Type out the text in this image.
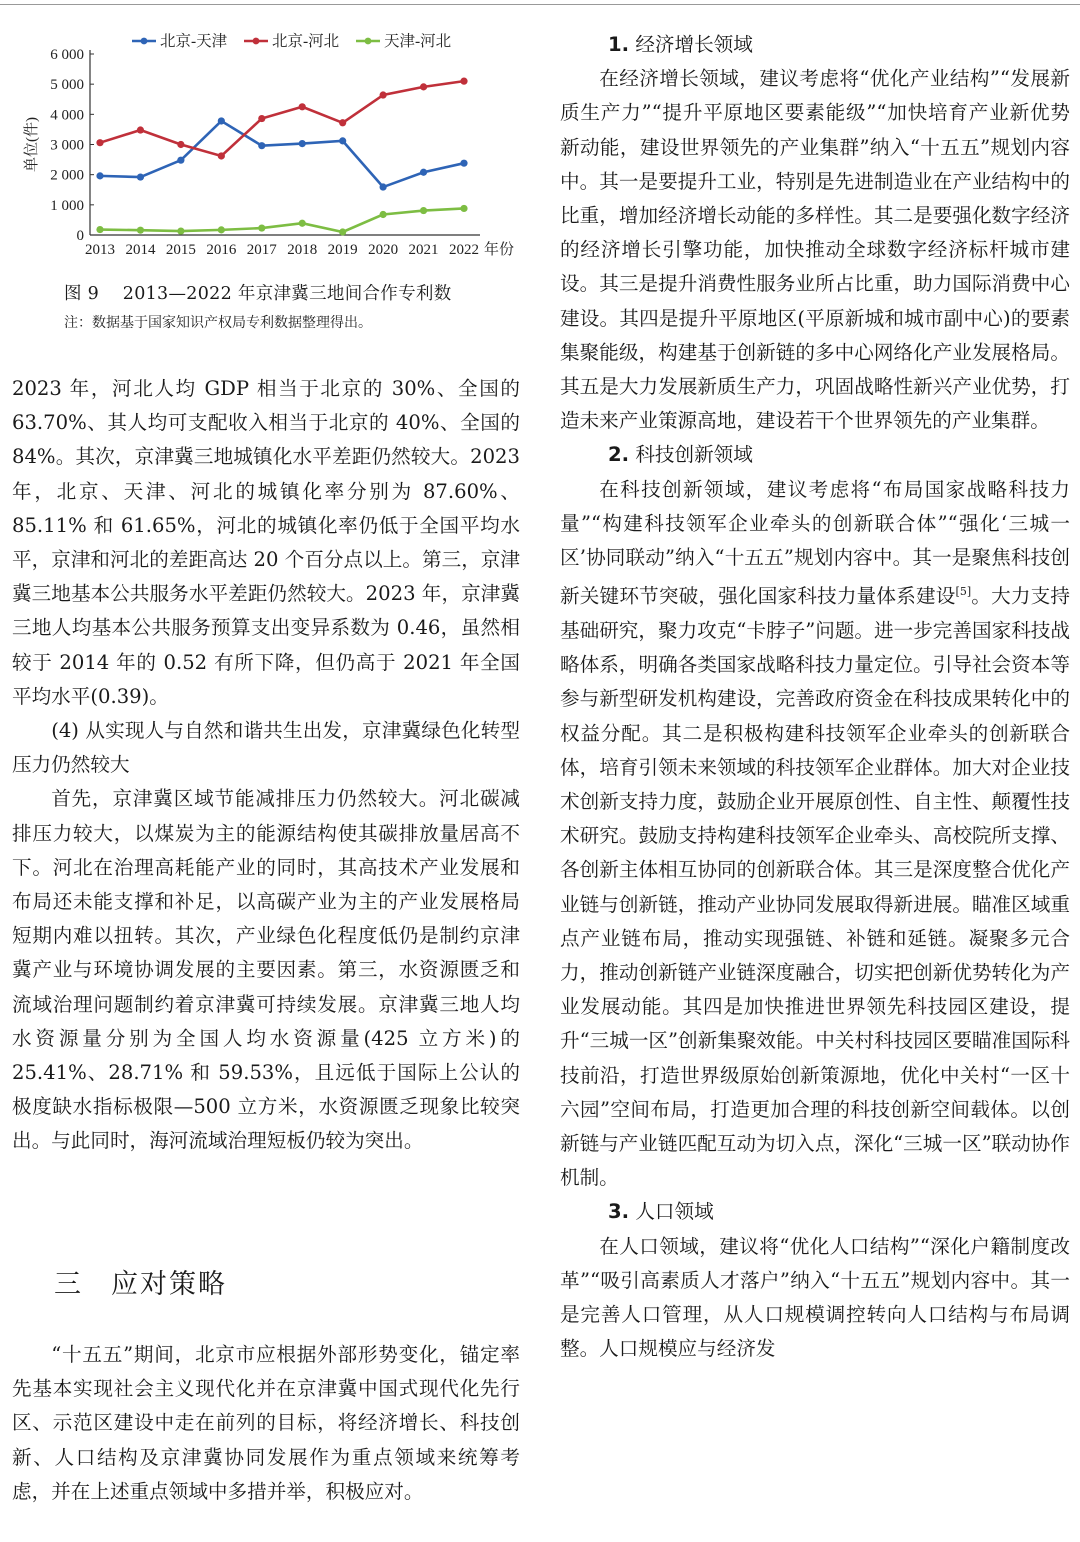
0
1 000
2 000
3 000
4 000
5 000
6 000
单位(件)
2013 2014 2015 2016 2017 2018 2019 2020 2021 2022 年份
北京-天津	北京-河北	天津-河北
图 9　 2013—2022 年京津冀三地间合作专利数
注：数据基于国家知识产权局专利数据整理得出。

2023 年，河北人均 GDP 相当于北京的 30%、全国的 63.70%、其人均可支配收入相当于北京的 40%、全国的 84%。其次，京津冀三地城镇化水平差距仍然较大。2023 年，北京、天津、河北的城镇化率分别为 87.60%、85.11% 和 61.65%，河北的城镇化率仍低于全国平均水平，京津和河北的差距高达 20 个百分点以上。第三，京津冀三地基本公共服务水平差距仍然较大。2023 年，京津冀三地人均基本公共服务预算支出变异系数为 0.46，虽然相较于 2014 年的 0.52 有所下降，但仍高于 2021 年全国平均水平(0.39)。

(4) 从实现人与自然和谐共生出发，京津冀绿色化转型压力仍然较大

首先，京津冀区域节能减排压力仍然较大。河北碳减排压力较大，以煤炭为主的能源结构使其碳排放量居高不下。河北在治理高耗能产业的同时，其高技术产业发展和布局还未能支撑和补足，以高碳产业为主的产业发展格局短期内难以扭转。其次，产业绿色化程度低仍是制约京津冀产业与环境协调发展的主要因素。第三，水资源匮乏和流域治理问题制约着京津冀可持续发展。京津冀三地人均水资源量分别为全国人均水资源量(425 立方米)的 25.41%、28.71% 和 59.53%，且远低于国际上公认的极度缺水指标极限—500 立方米，水资源匮乏现象比较突出。与此同时，海河流域治理短板仍较为突出。

三 应对策略

“十五五”期间，北京市应根据外部形势变化，锚定率先基本实现社会主义现代化并在京津冀中国式现代化先行区、示范区建设中走在前列的目标，将经济增长、科技创新、人口结构及京津冀协同发展作为重点领域来统筹考虑，并在上述重点领域中多措并举，积极应对。

1. 经济增长领域

在经济增长领域，建议考虑将“优化产业结构”“发展新质生产力”“提升平原地区要素能级”“加快培育产业新优势新动能，建设世界领先的产业集群”纳入“十五五”规划内容中。其一是要提升工业，特别是先进制造业在产业结构中的比重，增加经济增长动能的多样性。其二是要强化数字经济的经济增长引擎功能，加快推动全球数字经济标杆城市建设。其三是提升消费性服务业所占比重，助力国际消费中心建设。其四是提升平原地区(平原新城和城市副中心)的要素集聚能级，构建基于创新链的多中心网络化产业发展格局。其五是大力发展新质生产力，巩固战略性新兴产业优势，打造未来产业策源高地，建设若干个世界领先的产业集群。

2. 科技创新领域

在科技创新领域，建议考虑将“布局国家战略科技力量”“构建科技领军企业牵头的创新联合体”“强化‘三城一区’协同联动”纳入“十五五”规划内容中。其一是聚焦科技创新关键环节突破，强化国家科技力量体系建设[5]。大力支持基础研究，聚力攻克“卡脖子”问题。进一步完善国家科技战略体系，明确各类国家战略科技力量定位。引导社会资本等参与新型研发机构建设，完善政府资金在科技成果转化中的权益分配。其二是积极构建科技领军企业牵头的创新联合体，培育引领未来领域的科技领军企业群体。加大对企业技术创新支持力度，鼓励企业开展原创性、自主性、颠覆性技术研究。鼓励支持构建科技领军企业牵头、高校院所支撑、各创新主体相互协同的创新联合体。其三是深度整合优化产业链与创新链，推动产业协同发展取得新进展。瞄准区域重点产业链布局，推动实现强链、补链和延链。凝聚多元合力，推动创新链产业链深度融合，切实把创新优势转化为产业发展动能。其四是加快推进世界领先科技园区建设，提升“三城一区”创新集聚效能。中关村科技园区要瞄准国际科技前沿，打造世界级原始创新策源地，优化中关村“一区十六园”空间布局，打造更加合理的科技创新空间载体。以创新链与产业链匹配互动为切入点，深化“三城一区”联动协作机制。

3. 人口领域

在人口领域，建议将“优化人口结构”“深化户籍制度改革”“吸引高素质人才落户”纳入“十五五”规划内容中。其一是完善人口管理，从人口规模调控转向人口结构与布局调整。人口规模应与经济发
